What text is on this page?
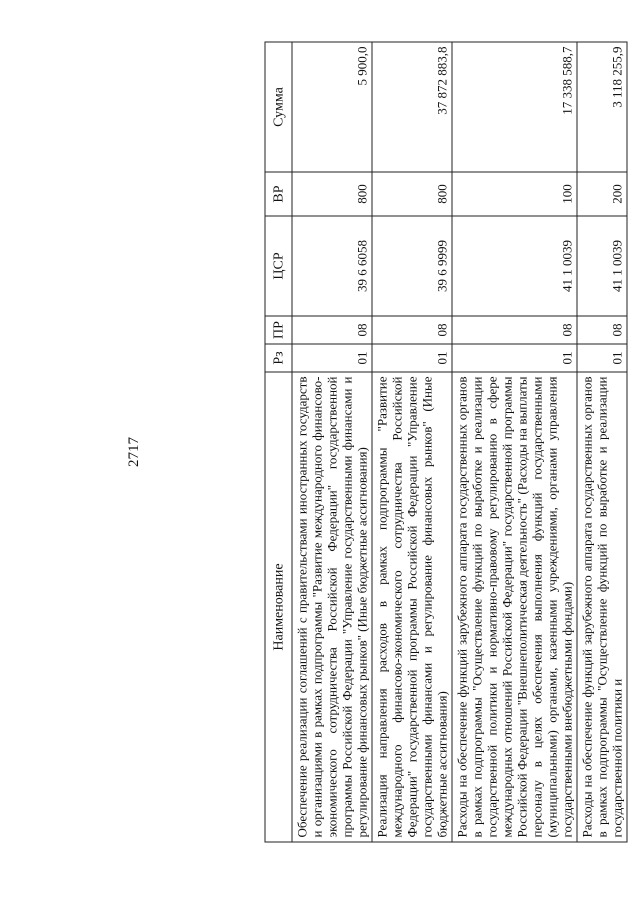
2717
Наименование	Рз	ПР	ЦСР	ВР	Сумма
Обеспечение реализации соглашений с правительствами иностранных государств и организациями в рамках подпрограммы "Развитие международного финансово-экономического сотрудничества Российской Федерации" государственной программы Российской Федерации "Управление государственными финансами и регулирование финансовых рынков" (Иные бюджетные ассигнования)	01	08	39 6 6058	800	5 900,0
Реализация направления расходов в рамках подпрограммы "Развитие международного финансово-экономического сотрудничества Российской Федерации" государственной программы Российской Федерации "Управление государственными финансами и регулирование финансовых рынков" (Иные бюджетные ассигнования)	01	08	39 6 9999	800	37 872 883,8
Расходы на обеспечение функций зарубежного аппарата государственных органов в рамках подпрограммы "Осуществление функций по выработке и реализации государственной политики и нормативно-правовому регулированию в сфере международных отношений Российской Федерации" государственной программы Российской Федерации "Внешнеполитическая деятельность" (Расходы на выплаты персоналу в целях обеспечения выполнения функций государственными (муниципальными) органами, казенными учреждениями, органами управления государственными внебюджетными фондами)	01	08	41 1 0039	100	17 338 588,7
Расходы на обеспечение функций зарубежного аппарата государственных органов в рамках подпрограммы "Осуществление функций по выработке и реализации государственной политики и	01	08	41 1 0039	200	3 118 255,9
